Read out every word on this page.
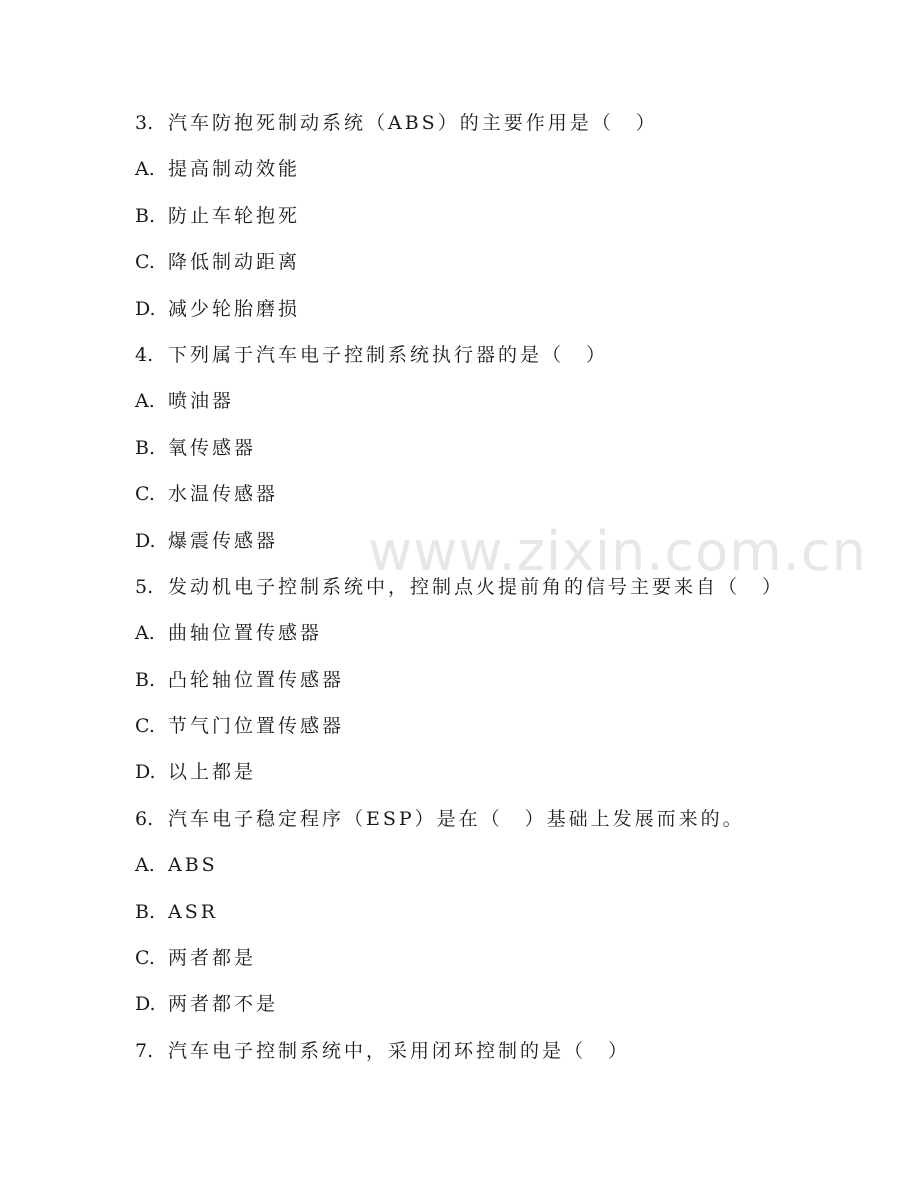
3. 汽车防抱死制动系统（ABS）的主要作用是（　）
A. 提高制动效能
B. 防止车轮抱死
C. 降低制动距离
D. 减少轮胎磨损
4. 下列属于汽车电子控制系统执行器的是（　）
A. 喷油器
B. 氧传感器
C. 水温传感器
D. 爆震传感器
5. 发动机电子控制系统中，控制点火提前角的信号主要来自（　）
A. 曲轴位置传感器
B. 凸轮轴位置传感器
C. 节气门位置传感器
D. 以上都是
6. 汽车电子稳定程序（ESP）是在（　）基础上发展而来的。
A. ABS
B. ASR
C. 两者都是
D. 两者都不是
7. 汽车电子控制系统中，采用闭环控制的是（　）
www.zixin.com.cn
